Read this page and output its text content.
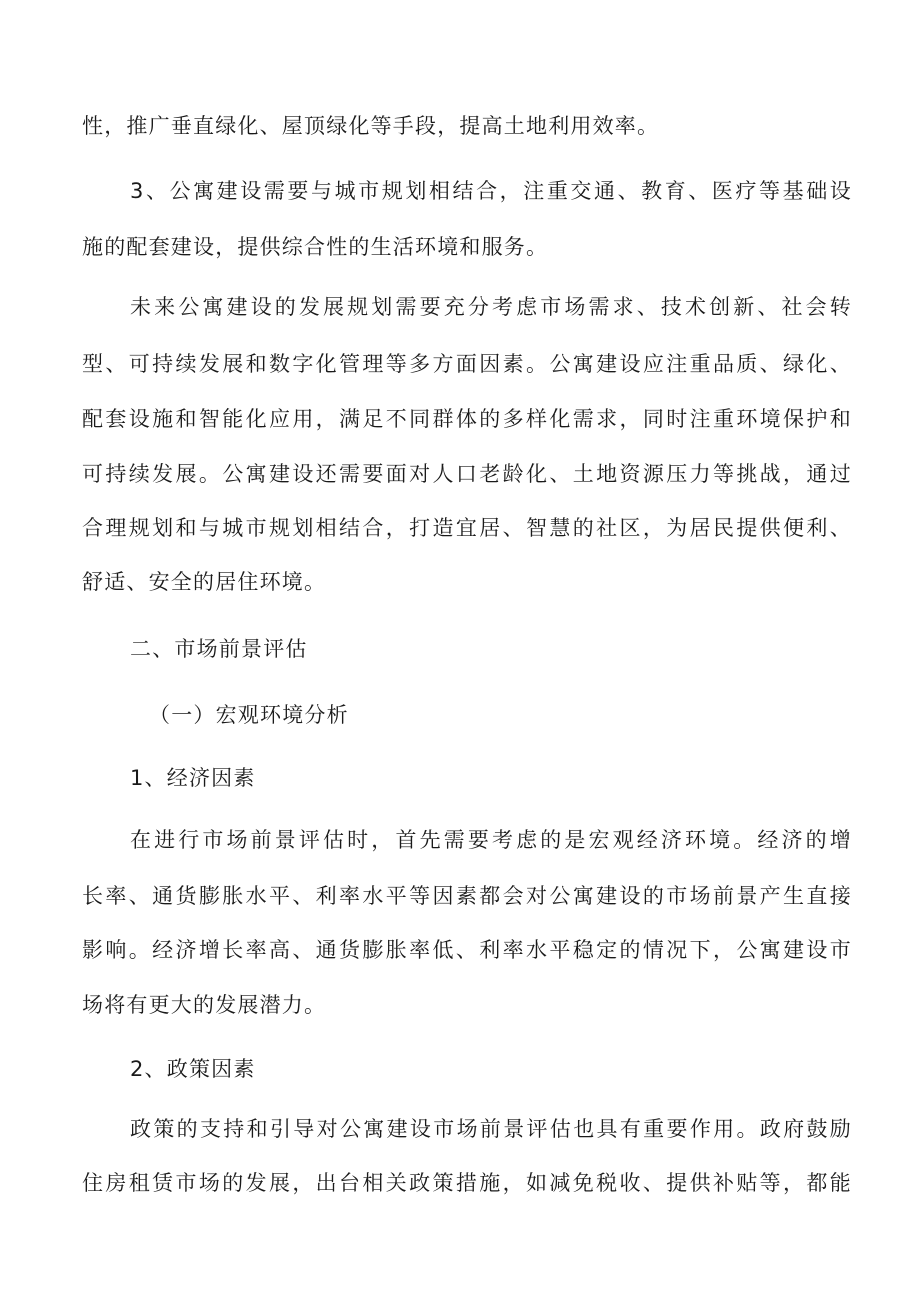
性，推广垂直绿化、屋顶绿化等手段，提高土地利用效率。
3、公寓建设需要与城市规划相结合，注重交通、教育、医疗等基础设
施的配套建设，提供综合性的生活环境和服务。
未来公寓建设的发展规划需要充分考虑市场需求、技术创新、社会转
型、可持续发展和数字化管理等多方面因素。公寓建设应注重品质、绿化、
配套设施和智能化应用，满足不同群体的多样化需求，同时注重环境保护和
可持续发展。公寓建设还需要面对人口老龄化、土地资源压力等挑战，通过
合理规划和与城市规划相结合，打造宜居、智慧的社区，为居民提供便利、
舒适、安全的居住环境。
二、市场前景评估
（一）宏观环境分析
1、经济因素
在进行市场前景评估时，首先需要考虑的是宏观经济环境。经济的增
长率、通货膨胀水平、利率水平等因素都会对公寓建设的市场前景产生直接
影响。经济增长率高、通货膨胀率低、利率水平稳定的情况下，公寓建设市
场将有更大的发展潜力。
2、政策因素
政策的支持和引导对公寓建设市场前景评估也具有重要作用。政府鼓励
住房租赁市场的发展，出台相关政策措施，如减免税收、提供补贴等，都能
